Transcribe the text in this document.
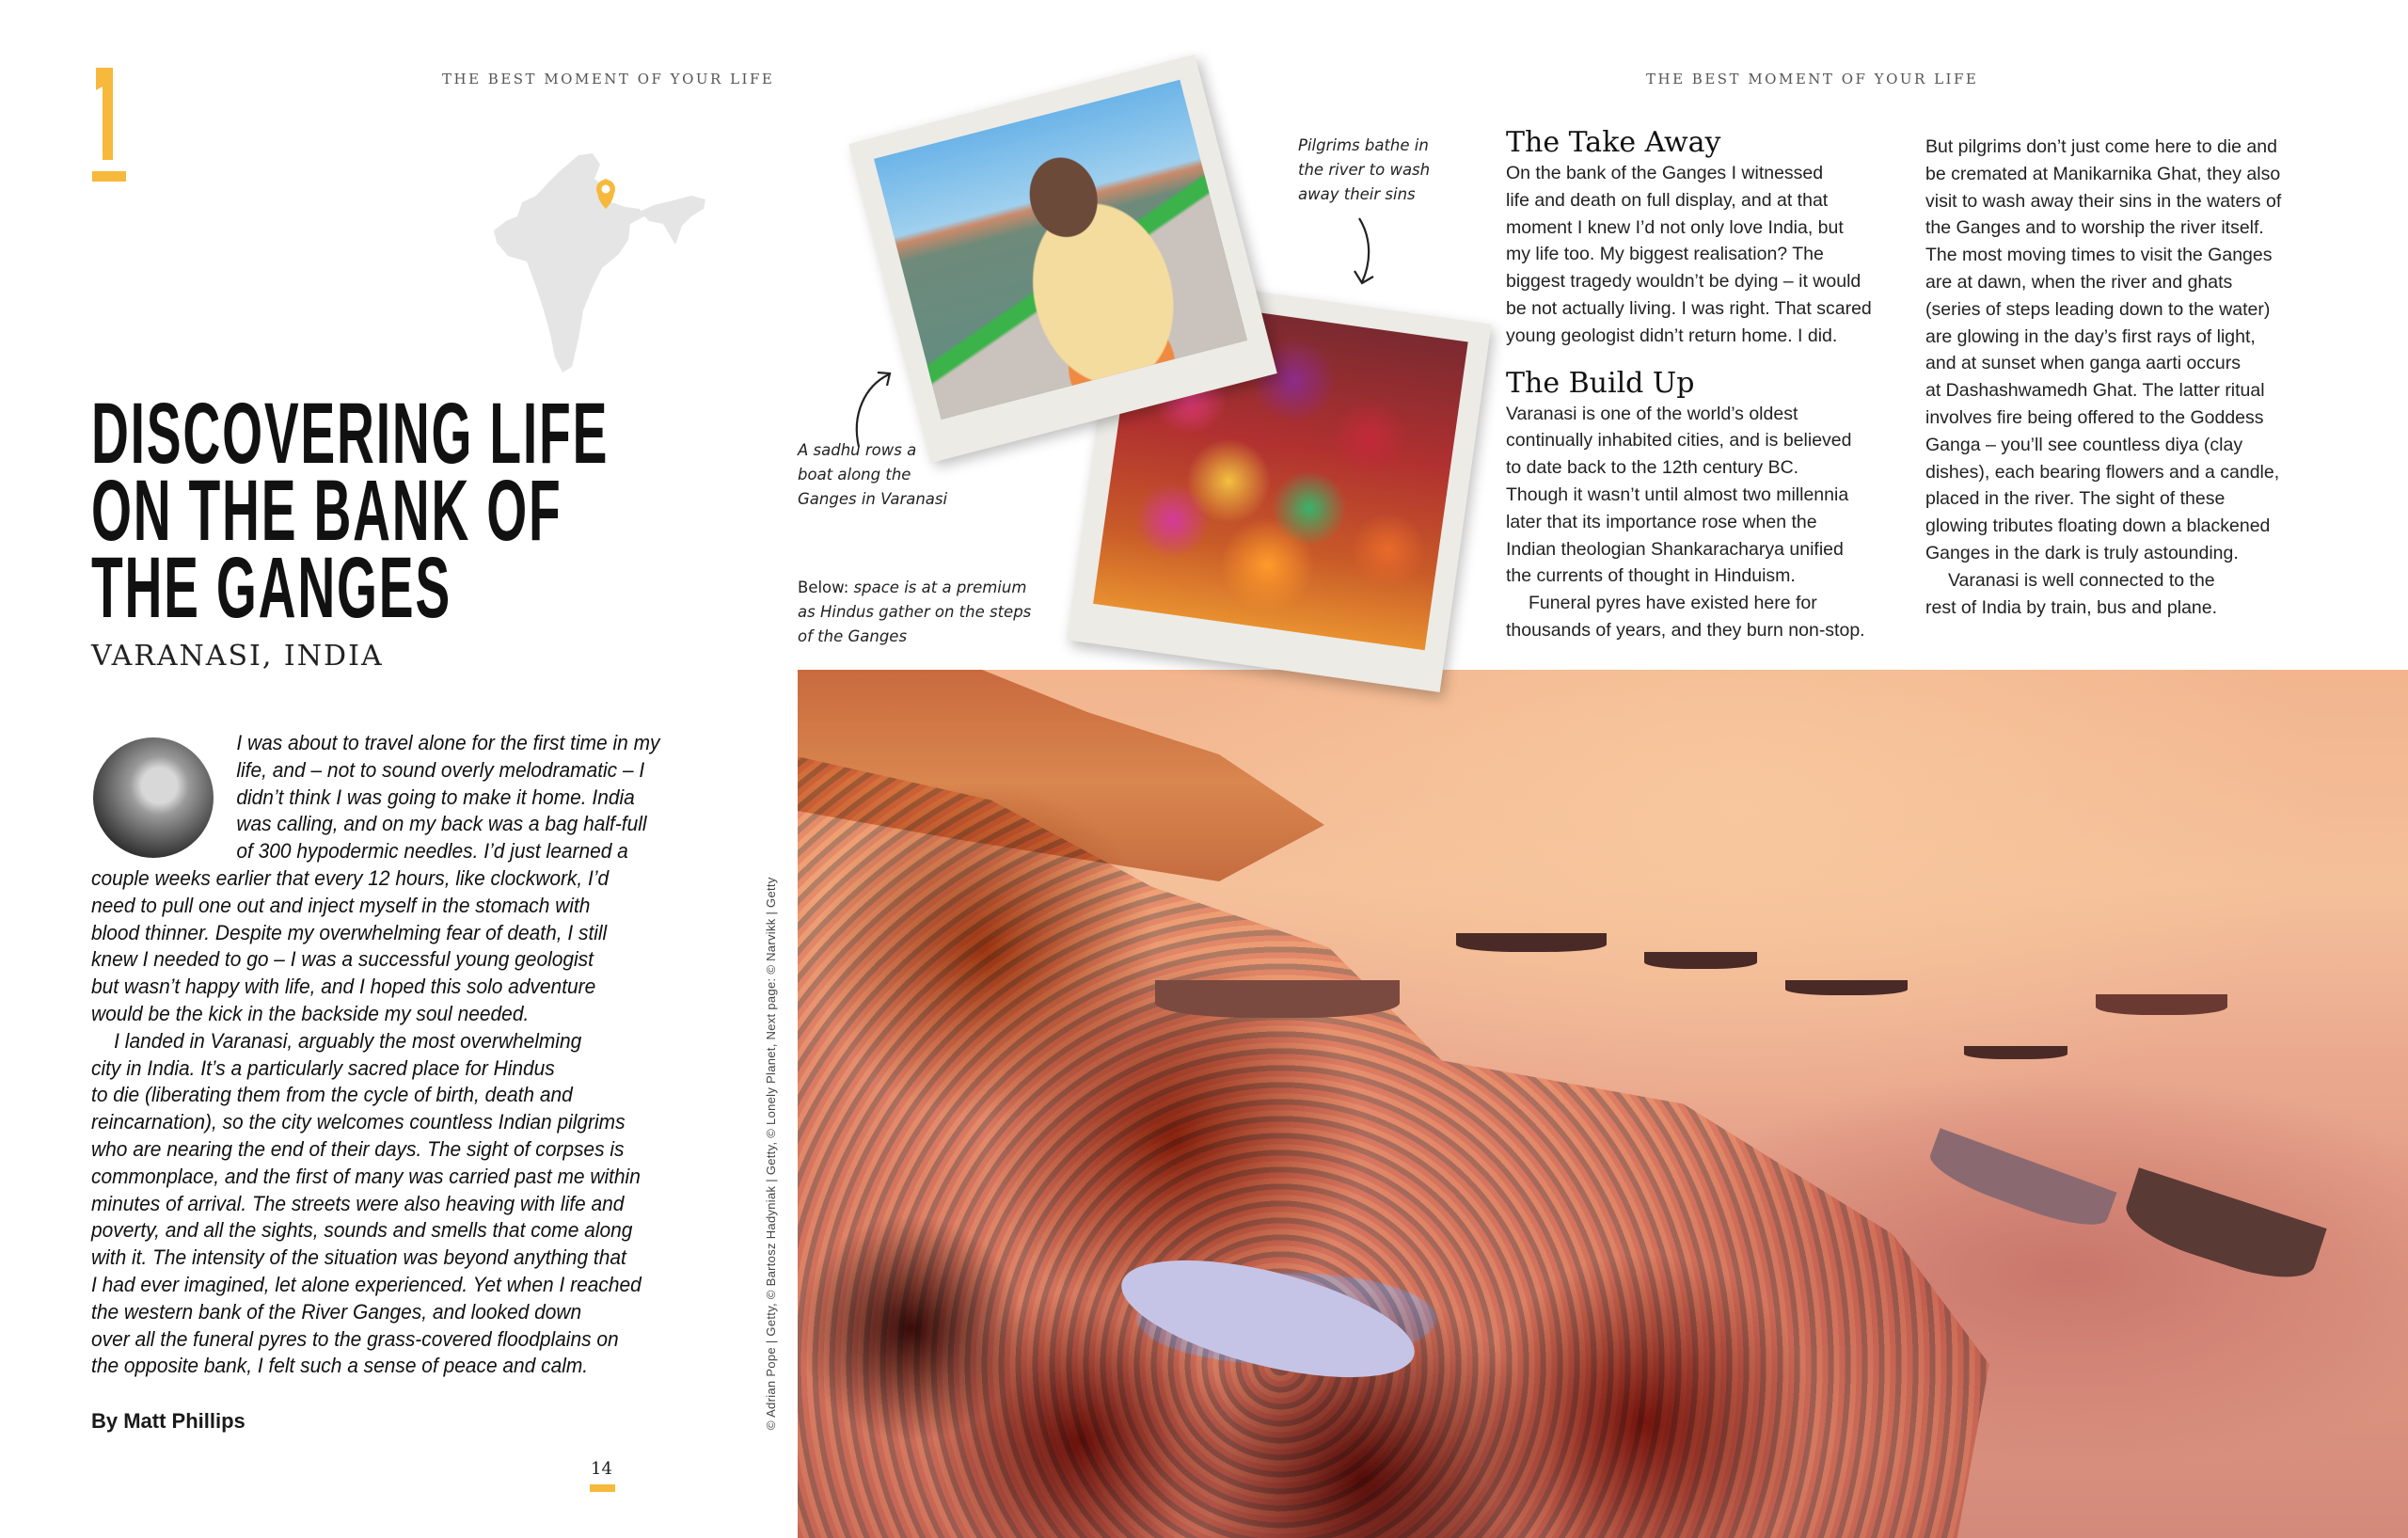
THE BEST MOMENT OF YOUR LIFE	THE BEST MOMENT OF YOUR LIFE
DISCOVERING LIFE
ON THE BANK OF
THE GANGES
VARANASI, INDIA
I was about to travel alone for the first time in my
life, and – not to sound overly melodramatic – I
didn’t think I was going to make it home. India
was calling, and on my back was a bag half-full
of 300 hypodermic needles. I’d just learned a
couple weeks earlier that every 12 hours, like clockwork, I’d
need to pull one out and inject myself in the stomach with
blood thinner. Despite my overwhelming fear of death, I still
knew I needed to go – I was a successful young geologist
but wasn’t happy with life, and I hoped this solo adventure
would be the kick in the backside my soul needed.
I landed in Varanasi, arguably the most overwhelming
city in India. It’s a particularly sacred place for Hindus
to die (liberating them from the cycle of birth, death and
reincarnation), so the city welcomes countless Indian pilgrims
who are nearing the end of their days. The sight of corpses is
commonplace, and the first of many was carried past me within
minutes of arrival. The streets were also heaving with life and
poverty, and all the sights, sounds and smells that come along
with it. The intensity of the situation was beyond anything that
I had ever imagined, let alone experienced. Yet when I reached
the western bank of the River Ganges, and looked down
over all the funeral pyres to the grass-covered floodplains on
the opposite bank, I felt such a sense of peace and calm.
By Matt Phillips
14
© Adrian Pope | Getty, © Bartosz Hadyniak | Getty, © Lonely Planet, Next page: © Narvikk | Getty
Pilgrims bathe in
the river to wash
away their sins
A sadhu rows a
boat along the
Ganges in Varanasi
Below: space is at a premium
as Hindus gather on the steps
of the Ganges
The Take Away
On the bank of the Ganges I witnessed
life and death on full display, and at that
moment I knew I’d not only love India, but
my life too. My biggest realisation? The
biggest tragedy wouldn’t be dying – it would
be not actually living. I was right. That scared
young geologist didn’t return home. I did.
The Build Up
Varanasi is one of the world’s oldest
continually inhabited cities, and is believed
to date back to the 12th century BC.
Though it wasn’t until almost two millennia
later that its importance rose when the
Indian theologian Shankaracharya unified
the currents of thought in Hinduism.
Funeral pyres have existed here for
thousands of years, and they burn non-stop.
But pilgrims don’t just come here to die and
be cremated at Manikarnika Ghat, they also
visit to wash away their sins in the waters of
the Ganges and to worship the river itself.
The most moving times to visit the Ganges
are at dawn, when the river and ghats
(series of steps leading down to the water)
are glowing in the day’s first rays of light,
and at sunset when ganga aarti occurs
at Dashashwamedh Ghat. The latter ritual
involves fire being offered to the Goddess
Ganga – you’ll see countless diya (clay
dishes), each bearing flowers and a candle,
placed in the river. The sight of these
glowing tributes floating down a blackened
Ganges in the dark is truly astounding.
Varanasi is well connected to the
rest of India by train, bus and plane.
